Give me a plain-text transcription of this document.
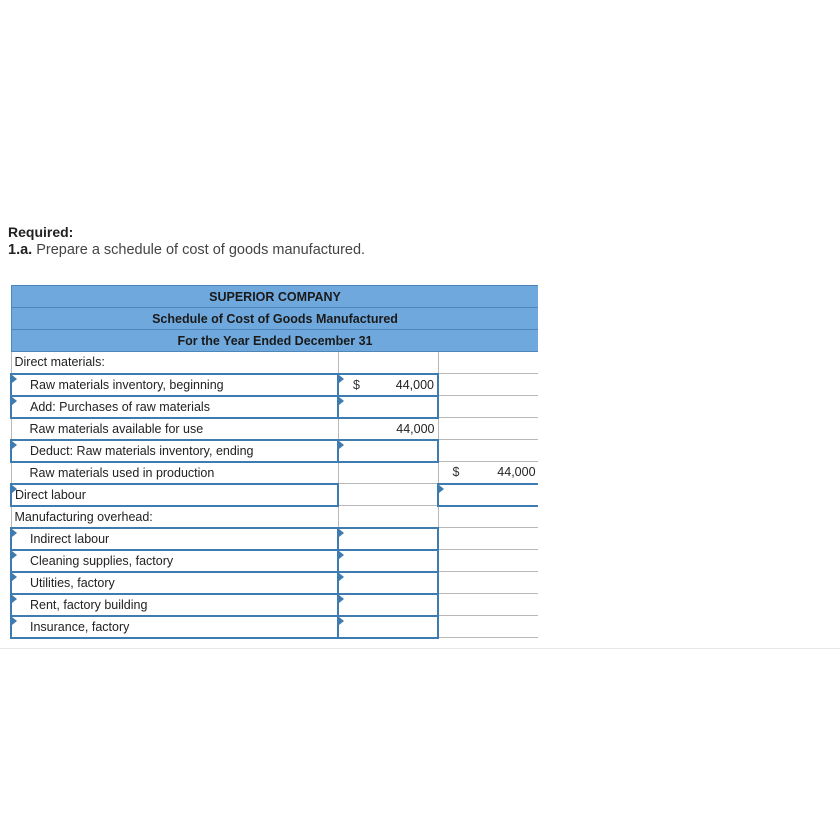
Required:
1.a. Prepare a schedule of cost of goods manufactured.
SUPERIOR COMPANY		
Schedule of Cost of Goods Manufactured		
For the Year Ended December 31		
Direct materials:		
Raw materials inventory, beginning	$ 44,000	

Add: Purchases of raw materials	

Raw materials available for use	44,000	

Deduct: Raw materials inventory, ending	

Raw materials used in production		$ 44,000

Direct labour		

Manufacturing overhead:		
Indirect labour	

Cleaning supplies, factory	

Utilities, factory	

Rent, factory building	

Insurance, factory	
